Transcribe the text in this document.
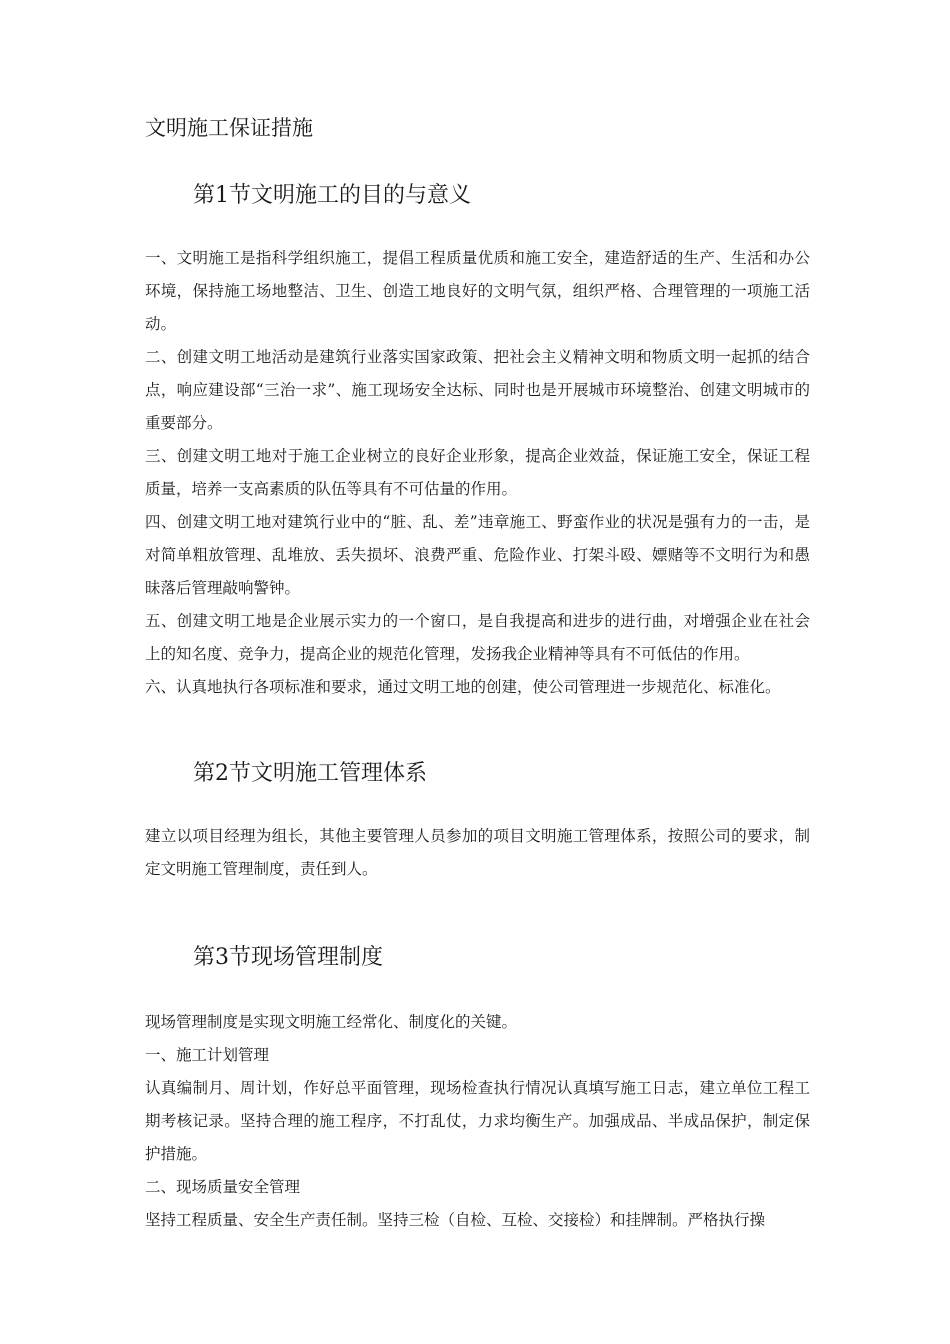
文明施工保证措施
第1节文明施工的目的与意义

一、文明施工是指科学组织施工，提倡工程质量优质和施工安全，建造舒适的生产、生活和办公环境，保持施工场地整洁、卫生、创造工地良好的文明气氛，组织严格、合理管理的一项施工活动。

二、创建文明工地活动是建筑行业落实国家政策、把社会主义精神文明和物质文明一起抓的结合点，响应建设部“三治一求”、施工现场安全达标、同时也是开展城市环境整治、创建文明城市的重要部分。

三、创建文明工地对于施工企业树立的良好企业形象，提高企业效益，保证施工安全，保证工程质量，培养一支高素质的队伍等具有不可估量的作用。

四、创建文明工地对建筑行业中的“脏、乱、差”违章施工、野蛮作业的状况是强有力的一击，是对简单粗放管理、乱堆放、丢失损坏、浪费严重、危险作业、打架斗殴、嫖赌等不文明行为和愚昧落后管理敲响警钟。

五、创建文明工地是企业展示实力的一个窗口，是自我提高和进步的进行曲，对增强企业在社会上的知名度、竞争力，提高企业的规范化管理，发扬我企业精神等具有不可低估的作用。

六、认真地执行各项标准和要求，通过文明工地的创建，使公司管理进一步规范化、标准化。

第2节文明施工管理体系

建立以项目经理为组长，其他主要管理人员参加的项目文明施工管理体系，按照公司的要求，制定文明施工管理制度，责任到人。

第3节现场管理制度

现场管理制度是实现文明施工经常化、制度化的关键。

一、施工计划管理

认真编制月、周计划，作好总平面管理，现场检查执行情况认真填写施工日志，建立单位工程工期考核记录。坚持合理的施工程序，不打乱仗，力求均衡生产。加强成品、半成品保护，制定保护措施。

二、现场质量安全管理

坚持工程质量、安全生产责任制。坚持三检（自检、互检、交接检）和挂牌制。严格执行操
